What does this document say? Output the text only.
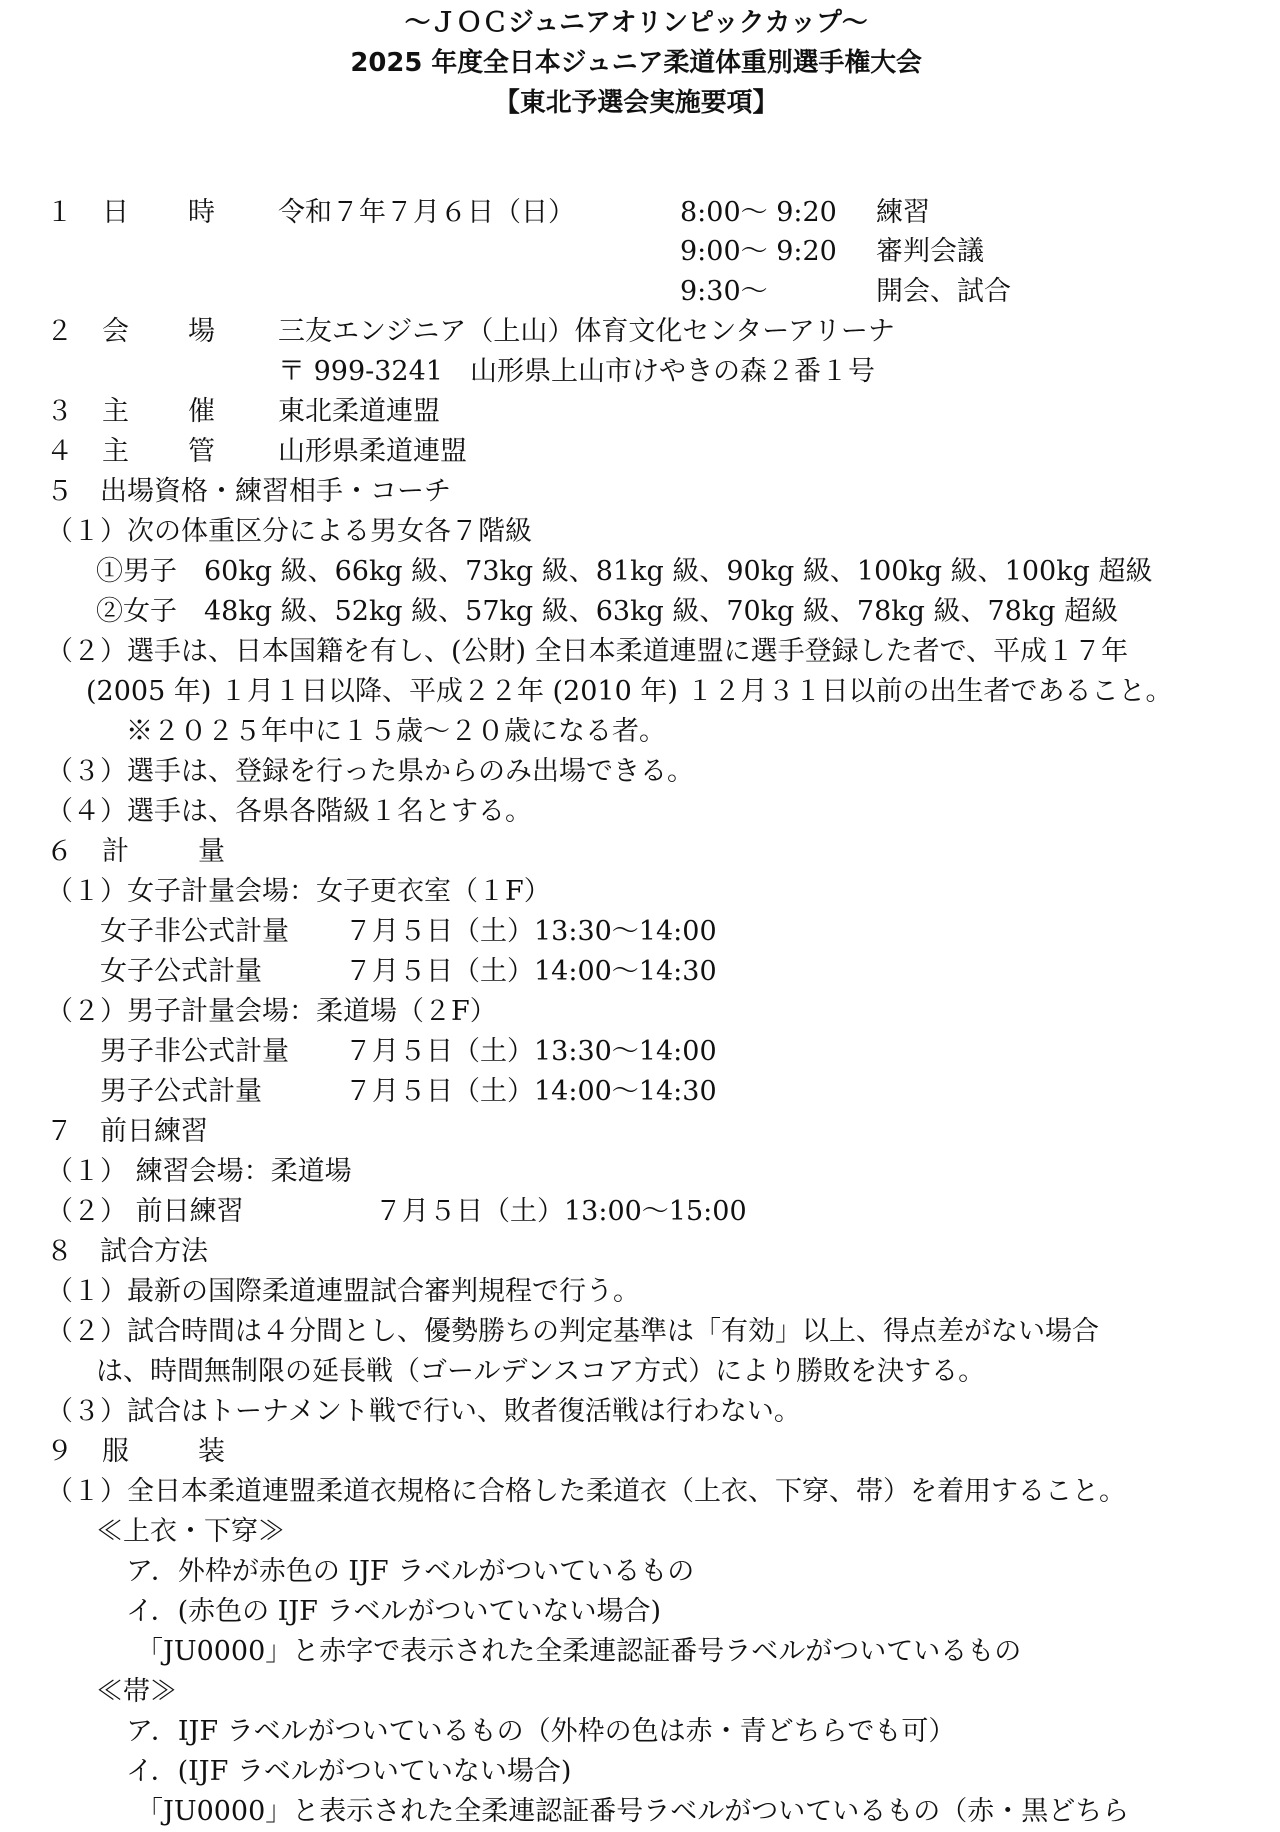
～ＪＯＣジュニアオリンピックカップ～
2025 年度全日本ジュニア柔道体重別選手権大会
【東北予選会実施要項】
１ 日 時 令和７年７月６日（日）	8:00～ 9:20 練習
9:00～ 9:20 審判会議
9:30～	開会、試合
２ 会 場 三友エンジニア（上山）体育文化センターアリーナ
〒 999-3241　山形県上山市けやきの森２番１号
３ 主 催 東北柔道連盟
４ 主 管 山形県柔道連盟
５　出場資格・練習相手・コーチ
（１）次の体重区分による男女各７階級
①男子　60kg 級、66kg 級、73kg 級、81kg 級、90kg 級、100kg 級、100kg 超級
②女子　48kg 級、52kg 級、57kg 級、63kg 級、70kg 級、78kg 級、78kg 超級
（２）選手は、日本国籍を有し、(公財) 全日本柔道連盟に選手登録した者で、平成１７年
(2005 年) １月１日以降、平成２２年 (2010 年) １２月３１日以前の出生者であること。
※２０２５年中に１５歳～２０歳になる者。
（３）選手は、登録を行った県からのみ出場できる。
（４）選手は、各県各階級１名とする。
６ 計	量
（１）女子計量会場：女子更衣室（１F）
女子非公式計量 ７月５日（土）13:30～14:00
女子公式計量	７月５日（土）14:00～14:30
（２）男子計量会場：柔道場（２F）
男子非公式計量 ７月５日（土）13:30～14:00
男子公式計量	７月５日（土）14:00～14:30
７　前日練習
（１） 練習会場：柔道場
（２） 前日練習	７月５日（土）13:00～15:00
８　試合方法
（１）最新の国際柔道連盟試合審判規程で行う。
（２）試合時間は４分間とし、優勢勝ちの判定基準は「有効」以上、得点差がない場合
は、時間無制限の延長戦（ゴールデンスコア方式）により勝敗を決する。
（３）試合はトーナメント戦で行い、敗者復活戦は行わない。
９ 服	装
（１）全日本柔道連盟柔道衣規格に合格した柔道衣（上衣、下穿、帯）を着用すること。
≪上衣・下穿≫
ア．外枠が赤色の IJF ラベルがついているもの
イ．(赤色の IJF ラベルがついていない場合)
「JU0000」と赤字で表示された全柔連認証番号ラベルがついているもの
≪帯≫
ア．IJF ラベルがついているもの（外枠の色は赤・青どちらでも可）
イ．(IJF ラベルがついていない場合)
「JU0000」と表示された全柔連認証番号ラベルがついているもの（赤・黒どちら
